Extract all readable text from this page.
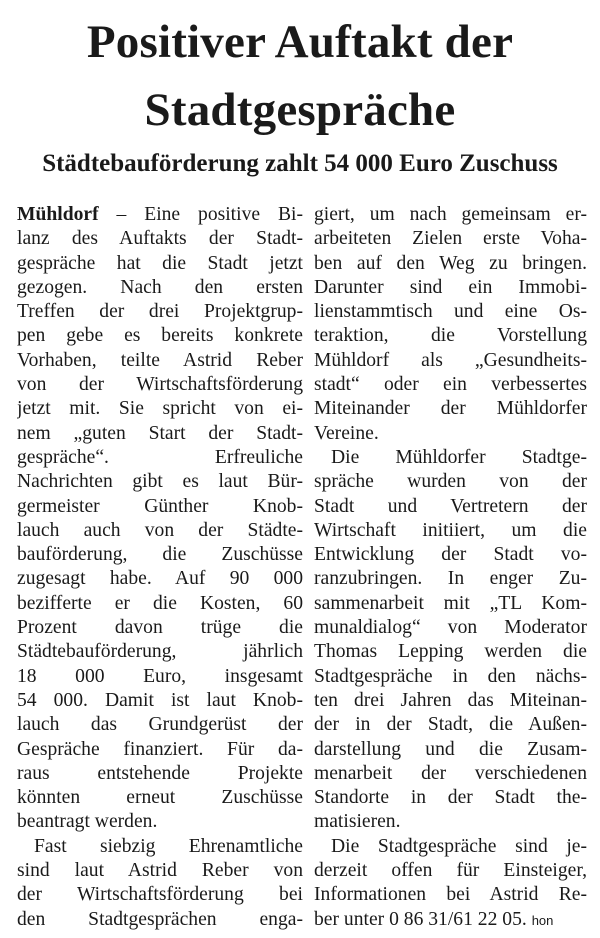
Positiver Auftakt der
Stadtgespräche
Städtebauförderung zahlt 54 000 Euro Zuschuss

Mühldorf – Eine positive Bi-
lanz des Auftakts der Stadt-
gespräche hat die Stadt jetzt
gezogen. Nach den ersten
Treffen der drei Projektgrup-
pen gebe es bereits konkrete
Vorhaben, teilte Astrid Reber
von der Wirtschaftsförderung
jetzt mit. Sie spricht von ei-
nem „guten Start der Stadt-
gespräche“. Erfreuliche
Nachrichten gibt es laut Bür-
germeister Günther Knob-
lauch auch von der Städte-
bauförderung, die Zuschüsse
zugesagt habe. Auf 90 000
bezifferte er die Kosten, 60
Prozent davon trüge die
Städtebauförderung, jährlich
18 000 Euro, insgesamt
54 000. Damit ist laut Knob-
lauch das Grundgerüst der
Gespräche finanziert. Für da-
raus entstehende Projekte
könnten erneut Zuschüsse
beantragt werden.

Fast siebzig Ehrenamtliche
sind laut Astrid Reber von
der Wirtschaftsförderung bei
den Stadtgesprächen enga-

giert, um nach gemeinsam er-
arbeiteten Zielen erste Voha-
ben auf den Weg zu bringen.
Darunter sind ein Immobi-
lienstammtisch und eine Os-
teraktion, die Vorstellung
Mühldorf als „Gesundheits-
stadt“ oder ein verbessertes
Miteinander der Mühldorfer
Vereine.

Die Mühldorfer Stadtge-
spräche wurden von der
Stadt und Vertretern der
Wirtschaft initiiert, um die
Entwicklung der Stadt vo-
ranzubringen. In enger Zu-
sammenarbeit mit „TL Kom-
munaldialog“ von Moderator
Thomas Lepping werden die
Stadtgespräche in den nächs-
ten drei Jahren das Miteinan-
der in der Stadt, die Außen-
darstellung und die Zusam-
menarbeit der verschiedenen
Standorte in der Stadt the-
matisieren.

Die Stadtgespräche sind je-
derzeit offen für Einsteiger,
Informationen bei Astrid Re-
ber unter 0 86 31/61 22 05. hon
